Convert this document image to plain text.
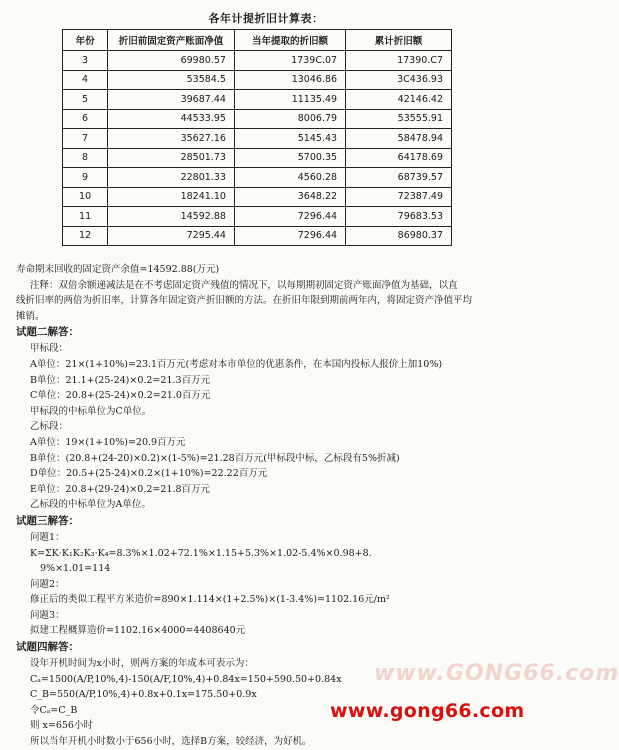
各年计提折旧计算表：
年份	折旧前固定资产账面净值	当年提取的折旧额	累计折旧额
3	69980.57	1739C.07	17390.C7
4	53584.5	13046.86	3C436.93
5	39687.44	11135.49	42146.42
6	44533.95	8006.79	53555.91
7	35627.16	5145.43	58478.94
8	28501.73	5700.35	64178.69
9	22801.33	4560.28	68739.57
10	18241.10	3648.22	72387.49
11	14592.88	7296.44	79683.53
12	7295.44	7296.44	86980.37
寿命期末回收的固定资产余值=14592.88(万元)
注释：双倍余额递减法是在不考虑固定资产残值的情况下，以每期期初固定资产账面净值为基础，以直
线折旧率的两倍为折旧率，计算各年固定资产折旧额的方法。在折旧年限到期前两年内，将固定资产净值平均
摊销。
试题二解答：
甲标段：
A单位：21×(1+10%)=23.1百万元(考虑对本市单位的优惠条件，在本国内投标人报价上加10%)
B单位：21.1+(25-24)×0.2=21.3百万元
C单位：20.8+(25-24)×0.2=21.0百万元
甲标段的中标单位为C单位。
乙标段：
A单位：19×(1+10%)=20.9百万元
B单位：(20.8+(24-20)×0.2)×(1-5%)=21.28百万元(甲标段中标，乙标段有5%折减)
D单位：20.5+(25-24)×0.2×(1+10%)=22.22百万元
E单位：20.8+(29-24)×0.2=21.8百万元
乙标段的中标单位为A单位。
试题三解答：
问题1：
K=ΣK·K₁K₂K₃·K₄=8.3%×1.02+72.1%×1.15+5.3%×1.02-5.4%×0.98+8.
9%×1.01=114
问题2：
修正后的类似工程平方米造价=890×1.114×(1+2.5%)×(1-3.4%)=1102.16元/m²
问题3：
拟建工程概算造价=1102.16×4000=4408640元
试题四解答：
设年开机时间为x小时，则两方案的年成本可表示为：
Cₐ=1500(A/P,10%,4)-150(A/F,10%,4)+0.84x=150+590.50+0.84x
C_B=550(A/P,10%,4)+0.8x+0.1x=175.50+0.9x
令Cₐ=C_B
则 x=656小时
所以当年开机小时数小于656小时，选择B方案，较经济，为好机。
www.GONG66.com
www.gong66.com
